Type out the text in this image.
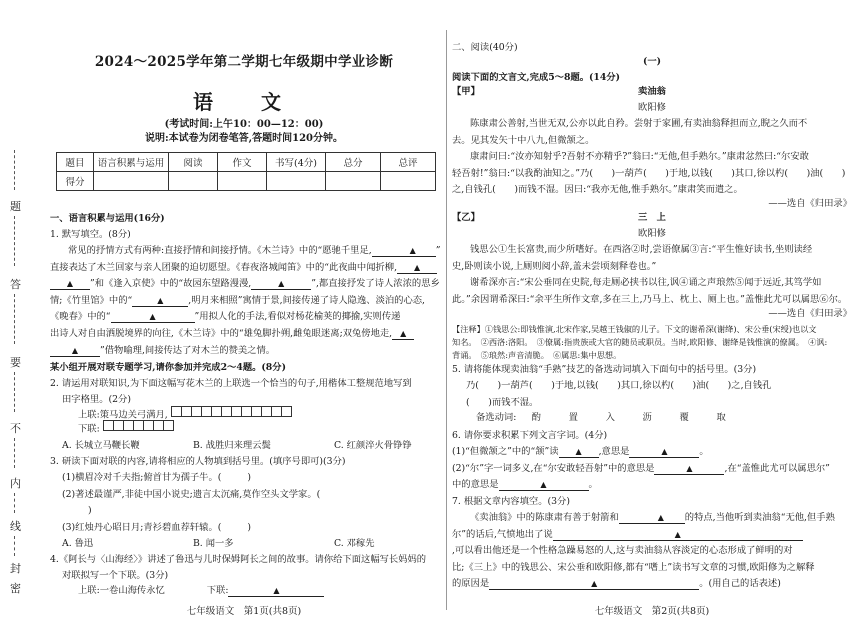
题
答
要
不
内
线
封
密
2024～2025学年第二学期七年级期中学业诊断
语　文
(考试时间:上午10：00—12：00)
说明:本试卷为闭卷笔答,答题时间120分钟。
题目	语言积累与运用	阅读	作文	书写(4分)	总分	总评
得分						
一、语言积累与运用(16分)
1. 默写填空。(8分)
常见的抒情方式有两种:直接抒情和间接抒情。《木兰诗》中的“愿驰千里足,	▲	”
直接表达了木兰回家与亲人团聚的迫切愿望。《春夜洛城闻笛》中的“此夜曲中闻折柳,	▲
▲	”和《逢入京使》中的“故园东望路漫漫,	▲	”,都直接抒发了诗人浓浓的思乡
情;《竹里馆》中的“	▲	,明月来相照”寓情于景,间接传递了诗人隐逸、淡泊的心态,
《晚春》中的“	▲	”用拟人化的手法,看似对杨花榆荚的揶揄,实则传递
出诗人对自由洒脱境界的向往,《木兰诗》中的“雄兔脚扑朔,雌兔眼迷离;双兔傍地走, ▲
▲	”借物喻理,间接传达了对木兰的赞美之情。
某小组开展对联专题学习,请你参加并完成2～4题。(8分)
2. 请运用对联知识,为下面这幅写花木兰的上联选一个恰当的句子,用楷体工整规范地写到
田字格里。(2分)
上联:策马边关弓满月,
下联:
A. 长城立马鞭长鞭	B. 战胜归来理云鬓	C. 红颜淬火骨铮铮
3. 研读下面对联的内容,请将相应的人物填到括号里。(填序号即可)(3分)
(1)横眉冷对千夫指;俯首甘为孺子牛。(	)
(2)著述最谨严,非徒中国小说史;遗言太沉痛,莫作空头文学家。(
)
(3)红烛丹心昭日月;青衫碧血荐轩辕。(	)
A. 鲁迅	B. 闻一多	C. 邓稼先
4.《阿长与〈山海经〉》讲述了鲁迅与儿时保姆阿长之间的故事。请你给下面这幅写长妈妈的
对联拟写一个下联。(3分)
上联:一卷山海传永忆	下联:	▲
七年级语文　第1页(共8页)
二、阅读(40分)
(一)
阅读下面的文言文,完成5～8题。(14分)
【甲】	卖油翁
欧阳修
陈康肃公善射,当世无双,公亦以此自矜。尝射于家圃,有卖油翁释担而立,睨之久而不
去。见其发矢十中八九,但微颔之。
康肃问曰:“汝亦知射乎?吾射不亦精乎?”翁曰:“无他,但手熟尔。”康肃忿然曰:“尔安敢
轻吾射!”翁曰:“以我酌油知之。”乃(　　)一葫芦(　　)于地,以钱(　　)其口,徐以杓(　　)油(　　)
之,自钱孔(　　)而钱不湿。因曰:“我亦无他,惟手熟尔。”康肃笑而遣之。
——选自《归田录》
【乙】	三　上
欧阳修
钱思公①生长富贵,而少所嗜好。在西洛②时,尝语僚属③言:“平生惟好读书,坐则读经
史,卧则读小说,上厕则阅小辞,盖未尝顷刻释卷也。”
谢希深亦言:“宋公垂同在史院,每走厕必挟书以往,讽④诵之声琅然⑤闻于远近,其笃学如
此。”余因谓希深曰:“余平生所作文章,多在三上,乃马上、枕上、厕上也。”盖惟此尤可以属思⑥尔。
——选自《归田录》
【注释】①钱思公:即钱惟演,北宋作家,吴越王钱俶的儿子。下文的谢希深(谢绛)、宋公垂(宋绶)也以文
知名。　②西洛:洛阳。　③僚属:指贵族或大官的随员或职员。当时,欧阳修、谢绛是钱惟演的僚属。　④讽:
背诵。　⑤琅然:声音清脆。　⑥属思:集中思想。
5. 请将能体现卖油翁“手熟”技艺的备选动词填入下面句中的括号里。(3分)
乃(　　)一葫芦(　　)于地,以钱(　　)其口,徐以杓(　　)油(　　)之,自钱孔
(　　)而钱不湿。
备选动词: 酌	置	入	沥	覆	取
6. 请你要求积累下列文言字词。(4分)
(1)“但微颔之”中的“颔”读	▲	,意思是	▲	。
(2)“尔”字一词多义,在“尔安敢轻吾射”中的意思是	▲	,在“盖惟此尤可以属思尔”
中的意思是	▲	。
7. 根据文章内容填空。(3分)
《卖油翁》中的陈康肃有善于射箭和	▲	的特点,当他听到卖油翁“无他,但手熟
尔”的话后,气愤地出了说	▲
,可以看出他还是一个性格急躁易怒的人,这与卖油翁从容淡定的心态形成了鲜明的对
比;《三上》中的钱思公、宋公垂和欧阳修,都有“嗜上”读书写文章的习惯,欧阳修为之解释
的原因是	▲	。(用自己的话表述)
七年级语文　第2页(共8页)
